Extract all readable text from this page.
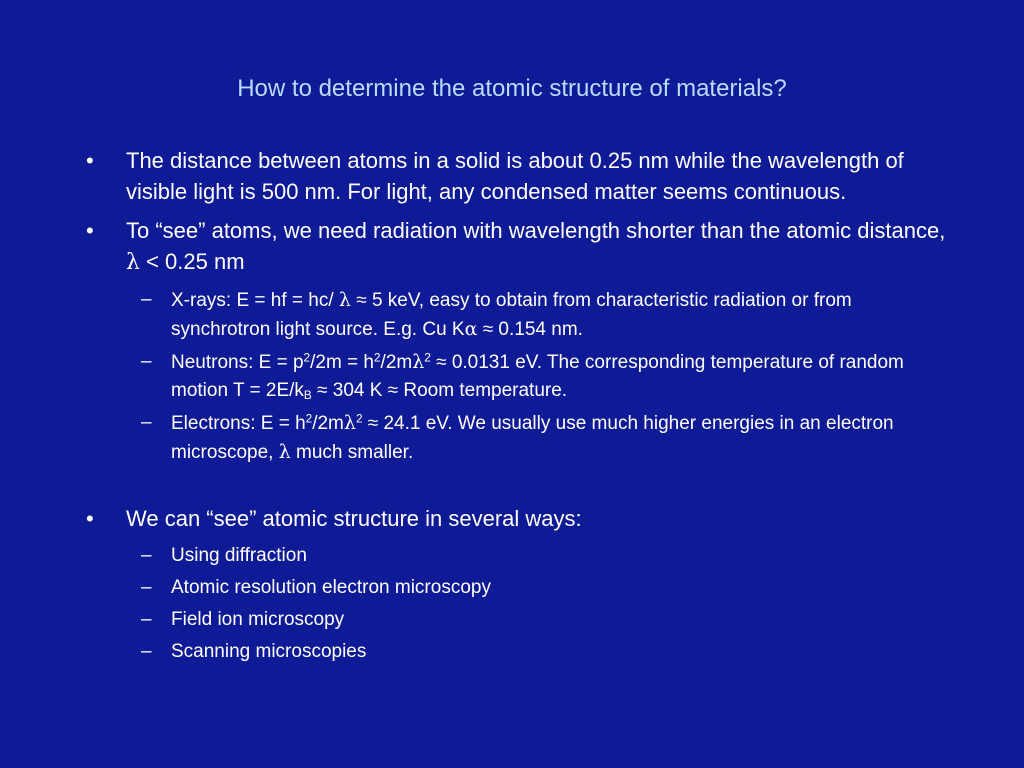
How to determine the atomic structure of materials?
•	The distance between atoms in a solid is about 0.25 nm while the wavelength of visible light is 500 nm. For light, any condensed matter seems continuous.
•	To “see” atoms, we need radiation with wavelength shorter than the atomic distance, λ < 0.25 nm
– X-rays: E = hf = hc/ λ ≈ 5 keV, easy to obtain from characteristic radiation or from synchrotron light source. E.g. Cu Kα ≈ 0.154 nm.
– Neutrons: $E = p^2/2m = h^2/2m\lambda^2 \approx 0.0131$ eV. The corresponding temperature of random motion $T = 2E/k_B \approx 304$ K ≈ Room temperature.
– Electrons: $E = h^2/2m\lambda^2 \approx 24.1$ eV. We usually use much higher energies in an electron microscope, λ much smaller.
•	We can “see” atomic structure in several ways:
– Using diffraction
– Atomic resolution electron microscopy
– Field ion microscopy
– Scanning microscopies
